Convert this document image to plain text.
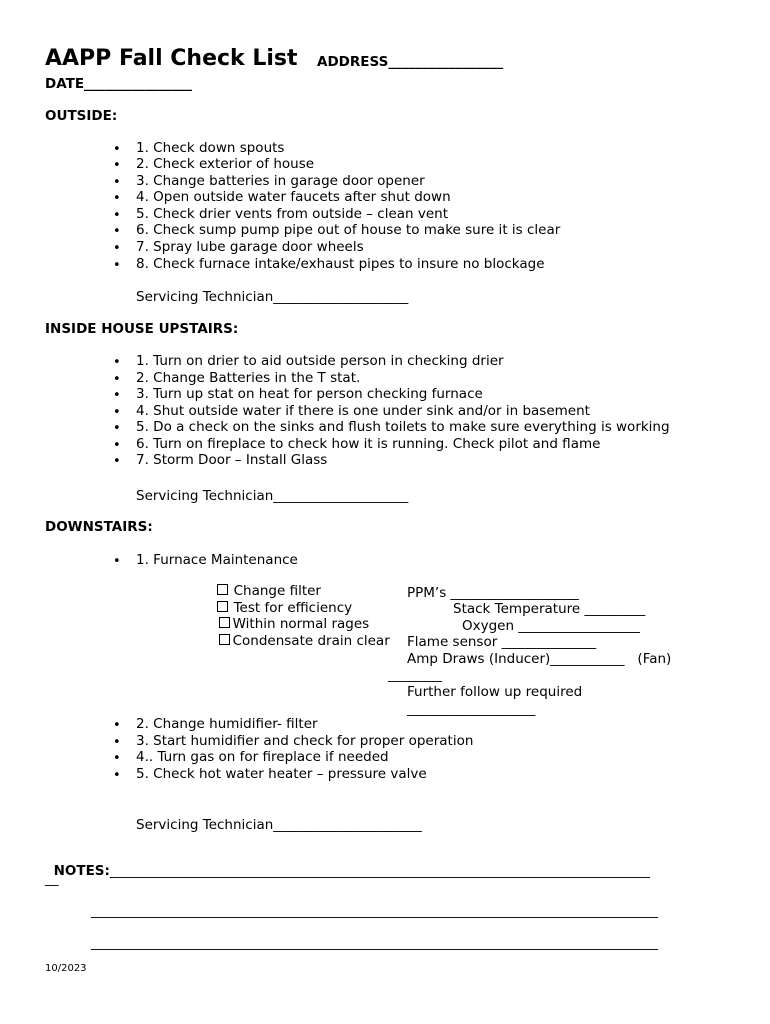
AAPP Fall Check List ADDRESS_________________
DATE________________
OUTSIDE:
• 1. Check down spouts
• 2. Check exterior of house
• 3. Change batteries in garage door opener
• 4. Open outside water faucets after shut down
• 5. Check drier vents from outside – clean vent
• 6. Check sump pump pipe out of house to make sure it is clear
• 7. Spray lube garage door wheels
• 8. Check furnace intake/exhaust pipes to insure no blockage
Servicing Technician____________________
INSIDE HOUSE UPSTAIRS:
• 1. Turn on drier to aid outside person in checking drier
• 2. Change Batteries in the T stat.
• 3. Turn up stat on heat for person checking furnace
• 4. Shut outside water if there is one under sink and/or in basement
• 5. Do a check on the sinks and flush toilets to make sure everything is working
• 6. Turn on fireplace to check how it is running. Check pilot and flame
• 7. Storm Door – Install Glass
Servicing Technician____________________
DOWNSTAIRS:
• 1. Furnace Maintenance

Change filter

Test for efficiency

Within normal rages

Condensate drain clear

PPM’s ___________________
Stack Temperature _________
Oxygen __________________
Flame sensor ______________
Amp Draws (Inducer)___________   (Fan)
________
Further follow up required
___________________
• 2. Change humidifier- filter
• 3. Start humidifier and check for proper operation
• 4.. Turn gas on for fireplace if needed
• 5. Check hot water heater – pressure valve
Servicing Technician______________________

NOTES:________________________________________________________________________________

__
____________________________________________________________________________________
____________________________________________________________________________________
10/2023
